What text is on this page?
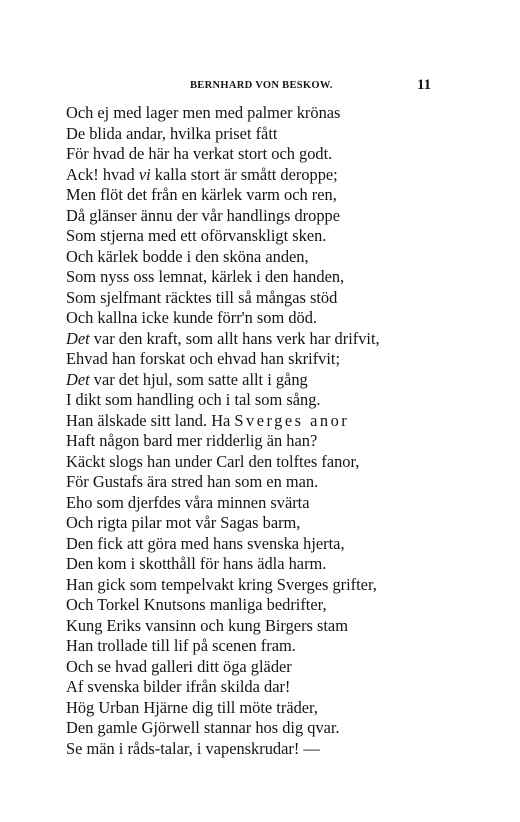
BERNHARD VON BESKOW.	11
Och ej med lager men med palmer krönas
De blida andar, hvilka priset fått
För hvad de här ha verkat stort och godt.
Ack! hvad vi kalla stort är smått deroppe;
Men flöt det från en kärlek varm och ren,
Då glänser ännu der vår handlings droppe
Som stjerna med ett oförvanskligt sken.
Och kärlek bodde i den sköna anden,
Som nyss oss lemnat, kärlek i den handen,
Som sjelfmant räcktes till så mångas stöd
Och kallna icke kunde förr'n som död.
Det var den kraft, som allt hans verk har drifvit,
Ehvad han forskat och ehvad han skrifvit;
Det var det hjul, som satte allt i gång
I dikt som handling och i tal som sång.
Han älskade sitt land. Ha Sverges anor
Haft någon bard mer ridderlig än han?
Käckt slogs han under Carl den tolftes fanor,
För Gustafs ära stred han som en man.
Eho som djerfdes våra minnen svärta
Och rigta pilar mot vår Sagas barm,
Den fick att göra med hans svenska hjerta,
Den kom i skotthåll för hans ädla harm.
Han gick som tempelvakt kring Sverges grifter,
Och Torkel Knutsons manliga bedrifter,
Kung Eriks vansinn och kung Birgers stam
Han trollade till lif på scenen fram.
Och se hvad galleri ditt öga gläder
Af svenska bilder ifrån skilda dar!
Hög Urban Hjärne dig till möte träder,
Den gamle Gjörwell stannar hos dig qvar.
Se män i råds-talar, i vapenskrudar! —
